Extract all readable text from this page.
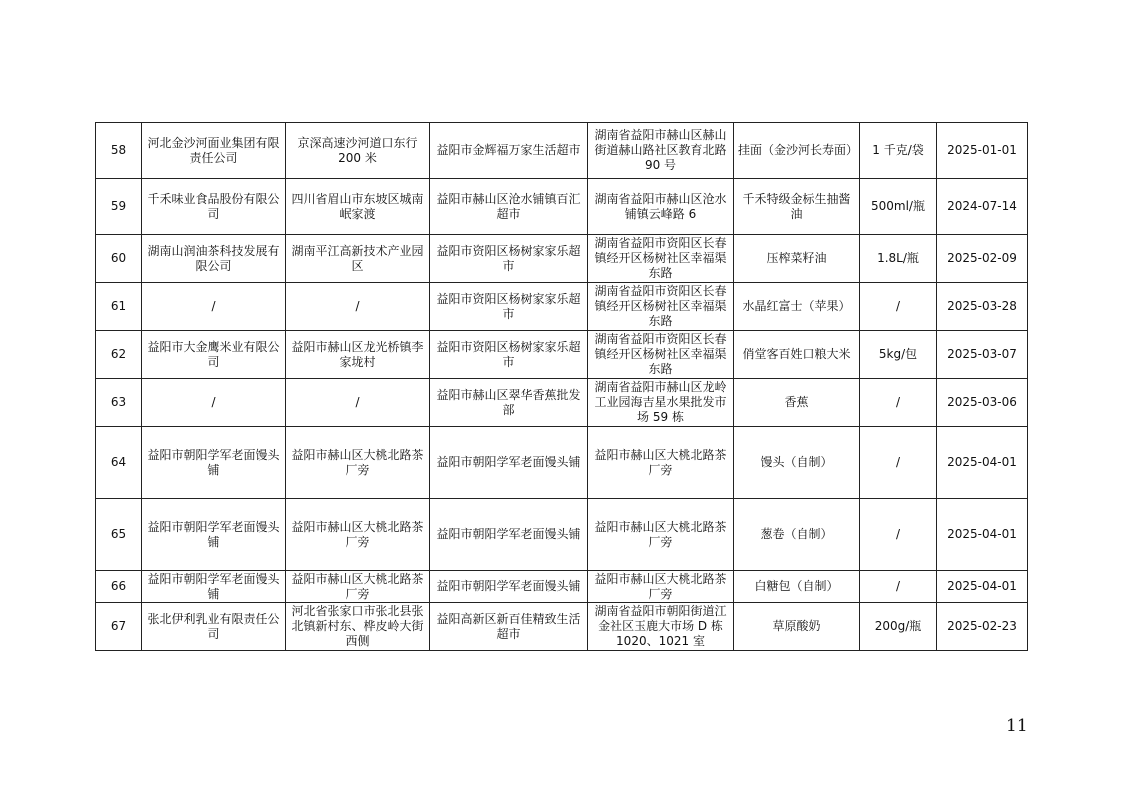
58	河北金沙河面业集团有限责任公司	京深高速沙河道口东行 200 米	益阳市金辉福万家生活超市	湖南省益阳市赫山区赫山街道赫山路社区教育北路 90 号	挂面（金沙河长寿面）	1 千克/袋	2025-01-01
59	千禾味业食品股份有限公司	四川省眉山市东坡区城南岷家渡	益阳市赫山区沧水铺镇百汇超市	湖南省益阳市赫山区沧水铺镇云峰路 6	千禾特级金标生抽酱油	500ml/瓶	2024-07-14
60	湖南山润油茶科技发展有限公司	湖南平江高新技术产业园区	益阳市资阳区杨树家家乐超市	湖南省益阳市资阳区长春镇经开区杨树社区幸福渠东路	压榨菜籽油	1.8L/瓶	2025-02-09
61	/	/	益阳市资阳区杨树家家乐超市	湖南省益阳市资阳区长春镇经开区杨树社区幸福渠东路	水晶红富士（苹果）	/	2025-03-28
62	益阳市大金鹰米业有限公司	益阳市赫山区龙光桥镇李家垅村	益阳市资阳区杨树家家乐超市	湖南省益阳市资阳区长春镇经开区杨树社区幸福渠东路	俏堂客百姓口粮大米	5kg/包	2025-03-07
63	/	/	益阳市赫山区翠华香蕉批发部	湖南省益阳市赫山区龙岭工业园海吉星水果批发市场 59 栋	香蕉	/	2025-03-06
64	益阳市朝阳学军老面馒头铺	益阳市赫山区大桃北路茶厂旁	益阳市朝阳学军老面馒头铺	益阳市赫山区大桃北路茶厂旁	馒头（自制）	/	2025-04-01
65	益阳市朝阳学军老面馒头铺	益阳市赫山区大桃北路茶厂旁	益阳市朝阳学军老面馒头铺	益阳市赫山区大桃北路茶厂旁	葱卷（自制）	/	2025-04-01
66	益阳市朝阳学军老面馒头铺	益阳市赫山区大桃北路茶厂旁	益阳市朝阳学军老面馒头铺	益阳市赫山区大桃北路茶厂旁	白糖包（自制）	/	2025-04-01
67	张北伊利乳业有限责任公司	河北省张家口市张北县张北镇新村东、桦皮岭大街西侧	益阳高新区新百佳精致生活超市	湖南省益阳市朝阳街道江金社区玉鹿大市场 D 栋 1020、1021 室	草原酸奶	200g/瓶	2025-02-23
11
